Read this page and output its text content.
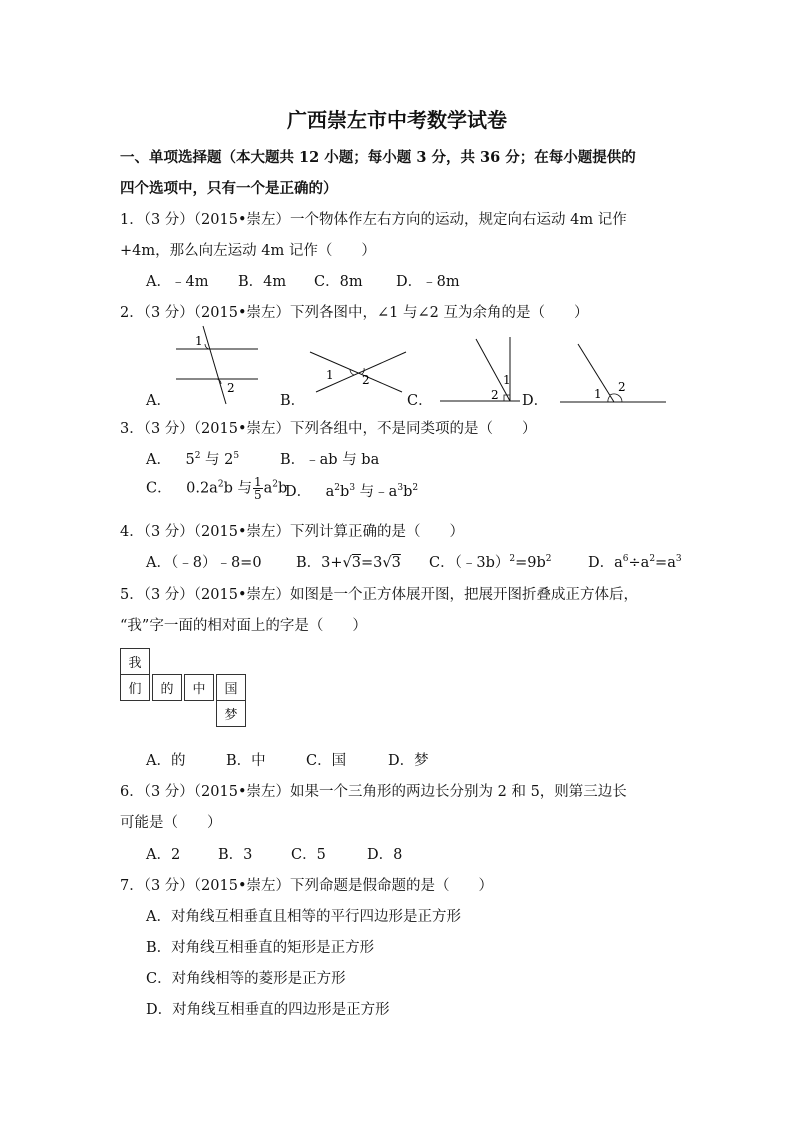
广西崇左市中考数学试卷
一、单项选择题（本大题共 12 小题；每小题 3 分，共 36 分；在每小题提供的
四个选项中，只有一个是正确的）
1．（3 分）（2015•崇左）一个物体作左右方向的运动，规定向右运动 4m 记作
+4m，那么向左运动 4m 记作（　　）
A．﹣4m B．4m C．8m D．﹣8m
2．（3 分）（2015•崇左）下列各图中，∠1 与∠2 互为余角的是（　　）
A．	B．	C．	D．
1
2
1 2	1
2	1 2
3．（3 分）（2015•崇左）下列各组中，不是同类项的是（　　）
A．  $5^2$ 与 $2^5$	B．﹣ab 与 ba
C．  $0.2a^2b$ 与 $\frac{1}{5} a^2b$
D．  $a^2b^3$ 与$﹣a^3b^2$
4．（3 分）（2015•崇左）下列计算正确的是（　　）
A．（﹣8）﹣8=0 B．3+√3=3√3 C．$(﹣3b)^2=9b^2$	D．$a^6\div a^2=a^3$
5．（3 分）（2015•崇左）如图是一个正方体展开图，把展开图折叠成正方体后，
“我”字一面的相对面上的字是（　　）
我
们	的	中	国
梦
A．的	B．中	C．国	D．梦
6．（3 分）（2015•崇左）如果一个三角形的两边长分别为 2 和 5，则第三边长
可能是（　　）
A．2	B．3	C．5	D．8
7．（3 分）（2015•崇左）下列命题是假命题的是（　　）
A．对角线互相垂直且相等的平行四边形是正方形
B．对角线互相垂直的矩形是正方形
C．对角线相等的菱形是正方形
D．对角线互相垂直的四边形是正方形
